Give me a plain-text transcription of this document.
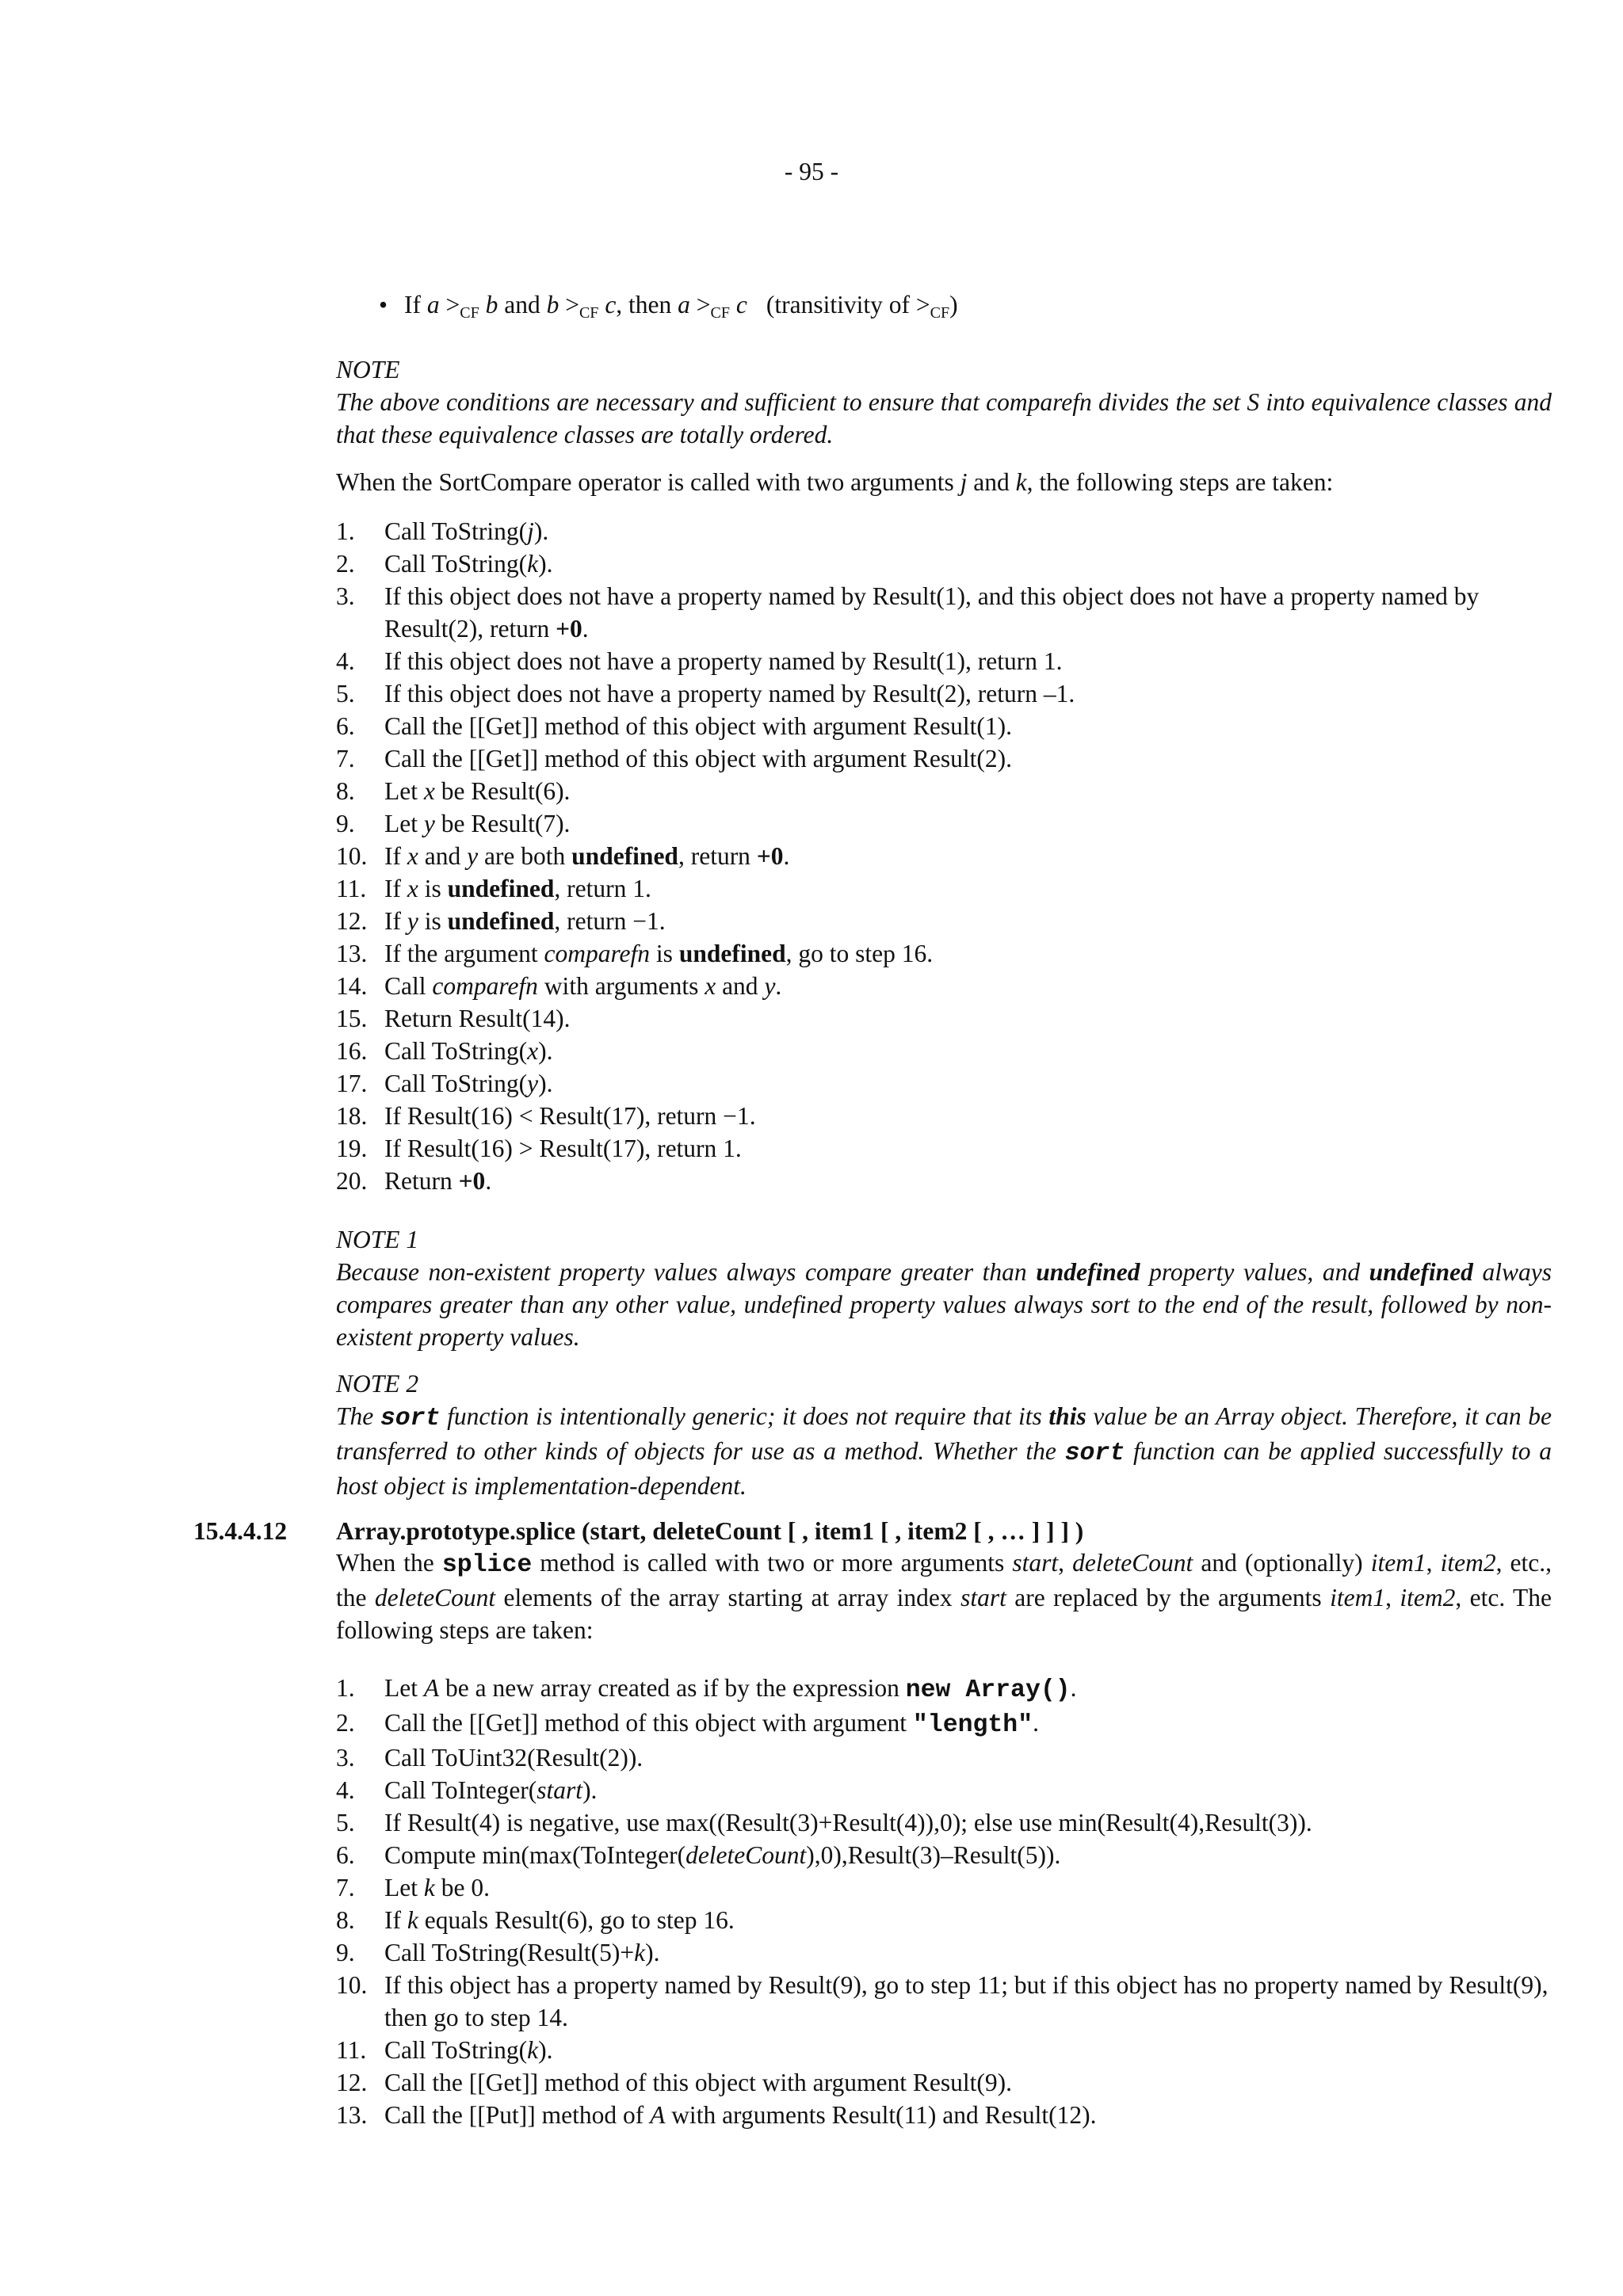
- 95 -
• If $a >_{CF}$ b and $b >_{CF}$ c, then $a >_{CF}$ c (transitivity of $>_{CF}$)
NOTE
The above conditions are necessary and sufficient to ensure that comparefn divides the set S into equivalence classes and that these equivalence classes are totally ordered.
When the SortCompare operator is called with two arguments j and k, the following steps are taken:
1. Call ToString(j).
2. Call ToString(k).
3. If this object does not have a property named by Result(1), and this object does not have a property named by Result(2), return +0.
4. If this object does not have a property named by Result(1), return 1.
5. If this object does not have a property named by Result(2), return –1.
6. Call the [[Get]] method of this object with argument Result(1).
7. Call the [[Get]] method of this object with argument Result(2).
8. Let x be Result(6).
9. Let y be Result(7).
10. If x and y are both undefined, return +0.
11. If x is undefined, return 1.
12. If y is undefined, return −1.
13. If the argument comparefn is undefined, go to step 16.
14. Call comparefn with arguments x and y.
15. Return Result(14).
16. Call ToString(x).
17. Call ToString(y).
18. If Result(16) < Result(17), return −1.
19. If Result(16) > Result(17), return 1.
20. Return +0.
NOTE 1
Because non-existent property values always compare greater than undefined property values, and undefined always compares greater than any other value, undefined property values always sort to the end of the result, followed by non-existent property values.
NOTE 2
The sort function is intentionally generic; it does not require that its this value be an Array object. Therefore, it can be transferred to other kinds of objects for use as a method. Whether the sort function can be applied successfully to a host object is implementation-dependent.
15.4.4.12 Array.prototype.splice (start, deleteCount [ , item1 [ , item2 [ , … ] ] ] )
When the splice method is called with two or more arguments start, deleteCount and (optionally) item1, item2, etc., the deleteCount elements of the array starting at array index start are replaced by the arguments item1, item2, etc. The following steps are taken:
1. Let A be a new array created as if by the expression new Array().
2. Call the [[Get]] method of this object with argument "length".
3. Call ToUint32(Result(2)).
4. Call ToInteger(start).
5. If Result(4) is negative, use max((Result(3)+Result(4)),0); else use min(Result(4),Result(3)).
6. Compute min(max(ToInteger(deleteCount),0),Result(3)–Result(5)).
7. Let k be 0.
8. If k equals Result(6), go to step 16.
9. Call ToString(Result(5)+k).
10. If this object has a property named by Result(9), go to step 11; but if this object has no property named by Result(9), then go to step 14.
11. Call ToString(k).
12. Call the [[Get]] method of this object with argument Result(9).
13. Call the [[Put]] method of A with arguments Result(11) and Result(12).
